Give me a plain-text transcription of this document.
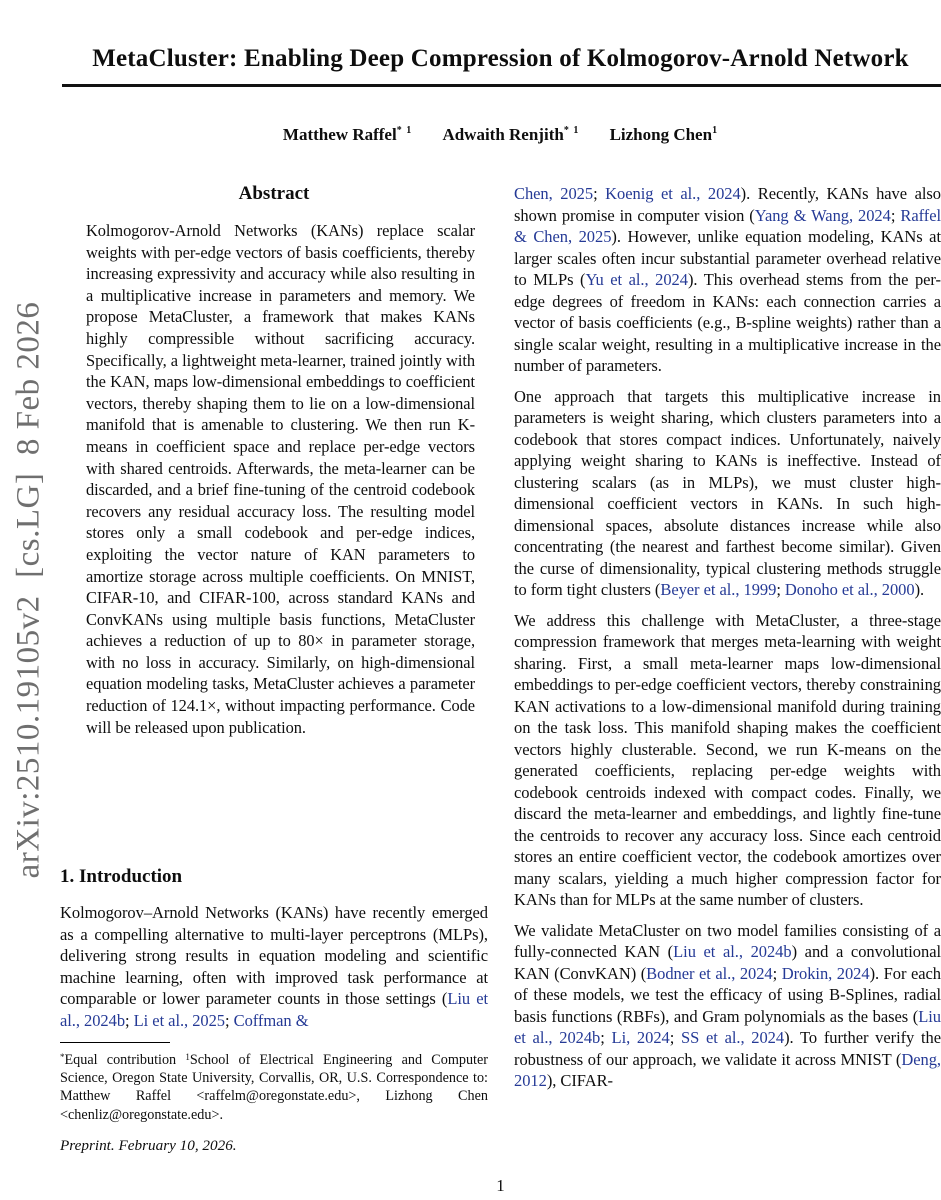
arXiv:2510.19105v2  [cs.LG]  8 Feb 2026
MetaCluster: Enabling Deep Compression of Kolmogorov-Arnold Network
Matthew Raffel$^{* 1}$ Adwaith Renjith$^{* 1}$ Lizhong Chen$^1$
Abstract

Kolmogorov-Arnold Networks (KANs) replace scalar weights with per-edge vectors of basis coefficients, thereby increasing expressivity and accuracy while also resulting in a multiplicative increase in parameters and memory. We propose MetaCluster, a framework that makes KANs highly compressible without sacrificing accuracy. Specifically, a lightweight meta-learner, trained jointly with the KAN, maps low-dimensional embeddings to coefficient vectors, thereby shaping them to lie on a low-dimensional manifold that is amenable to clustering. We then run K-means in coefficient space and replace per-edge vectors with shared centroids. Afterwards, the meta-learner can be discarded, and a brief fine-tuning of the centroid codebook recovers any residual accuracy loss. The resulting model stores only a small codebook and per-edge indices, exploiting the vector nature of KAN parameters to amortize storage across multiple coefficients. On MNIST, CIFAR-10, and CIFAR-100, across standard KANs and ConvKANs using multiple basis functions, MetaCluster achieves a reduction of up to 80× in parameter storage, with no loss in accuracy. Similarly, on high-dimensional equation modeling tasks, MetaCluster achieves a parameter reduction of 124.1×, without impacting performance. Code will be released upon publication.

1. Introduction

Kolmogorov–Arnold Networks (KANs) have recently emerged as a compelling alternative to multi-layer perceptrons (MLPs), delivering strong results in equation modeling and scientific machine learning, often with improved task performance at comparable or lower parameter counts in those settings (Liu et al., 2024b; Li et al., 2025; Coffman &

*Equal contribution $^1$School of Electrical Engineering and Computer Science, Oregon State University, Corvallis, OR, U.S. Correspondence to: Matthew Raffel <raffelm@oregonstate.edu>, Lizhong Chen <chenliz@oregonstate.edu>.

Preprint. February 10, 2026.

Chen, 2025; Koenig et al., 2024). Recently, KANs have also shown promise in computer vision (Yang & Wang, 2024; Raffel & Chen, 2025). However, unlike equation modeling, KANs at larger scales often incur substantial parameter overhead relative to MLPs (Yu et al., 2024). This overhead stems from the per-edge degrees of freedom in KANs: each connection carries a vector of basis coefficients (e.g., B-spline weights) rather than a single scalar weight, resulting in a multiplicative increase in the number of parameters.

One approach that targets this multiplicative increase in parameters is weight sharing, which clusters parameters into a codebook that stores compact indices. Unfortunately, naively applying weight sharing to KANs is ineffective. Instead of clustering scalars (as in MLPs), we must cluster high-dimensional coefficient vectors in KANs. In such high-dimensional spaces, absolute distances increase while also concentrating (the nearest and farthest become similar). Given the curse of dimensionality, typical clustering methods struggle to form tight clusters (Beyer et al., 1999; Donoho et al., 2000).

We address this challenge with MetaCluster, a three-stage compression framework that merges meta-learning with weight sharing. First, a small meta-learner maps low-dimensional embeddings to per-edge coefficient vectors, thereby constraining KAN activations to a low-dimensional manifold during training on the task loss. This manifold shaping makes the coefficient vectors highly clusterable. Second, we run K-means on the generated coefficients, replacing per-edge weights with codebook centroids indexed with compact codes. Finally, we discard the meta-learner and embeddings, and lightly fine-tune the centroids to recover any accuracy loss. Since each centroid stores an entire coefficient vector, the codebook amortizes over many scalars, yielding a much higher compression factor for KANs than for MLPs at the same number of clusters.

We validate MetaCluster on two model families consisting of a fully-connected KAN (Liu et al., 2024b) and a convolutional KAN (ConvKAN) (Bodner et al., 2024; Drokin, 2024). For each of these models, we test the efficacy of using B-Splines, radial basis functions (RBFs), and Gram polynomials as the bases (Liu et al., 2024b; Li, 2024; SS et al., 2024). To further verify the robustness of our approach, we validate it across MNIST (Deng, 2012), CIFAR-

1
